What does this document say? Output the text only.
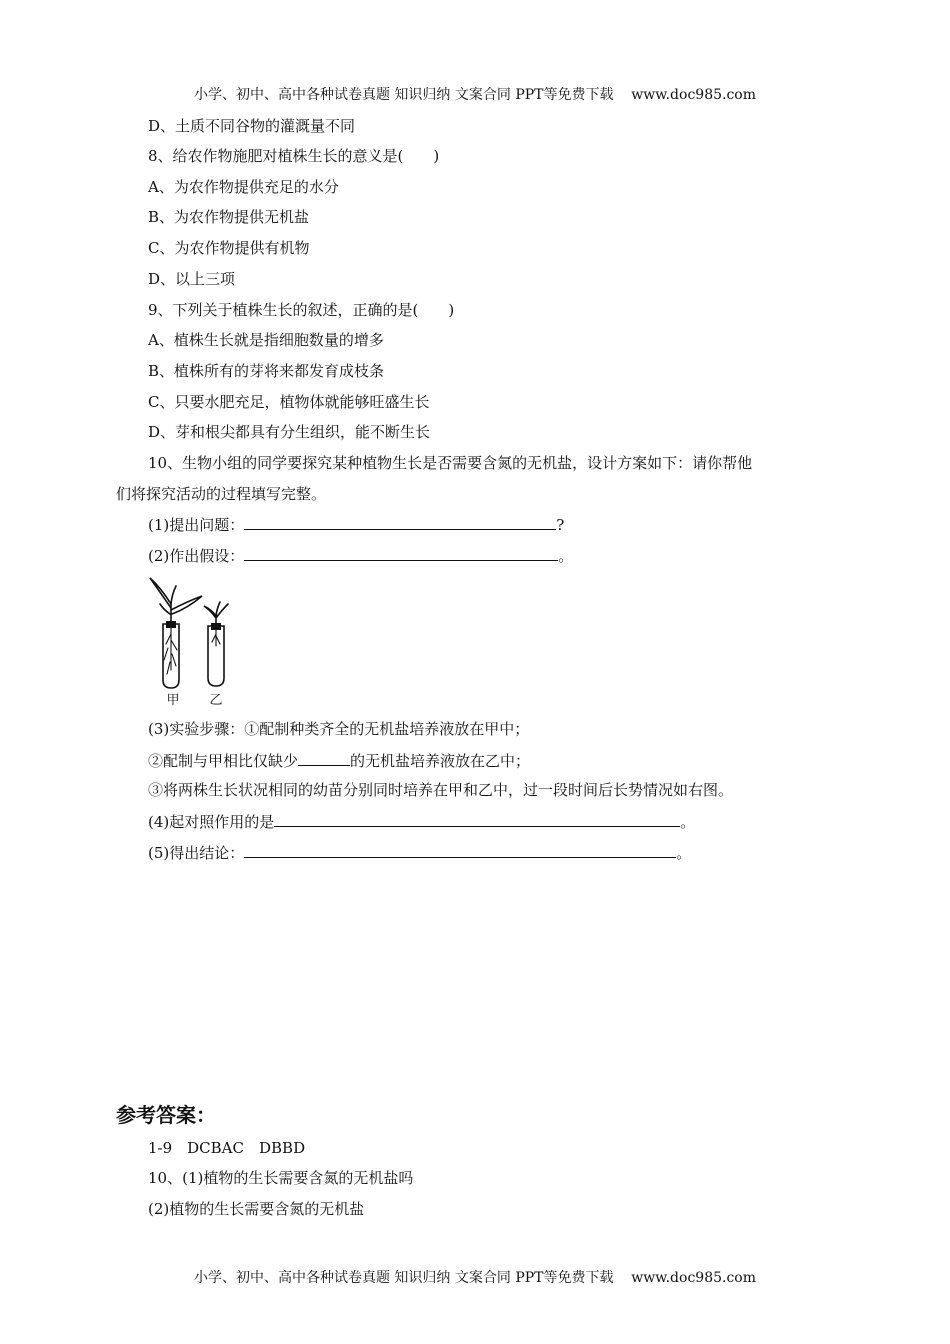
小学、初中、高中各种试卷真题 知识归纳 文案合同 PPT等免费下载    www.doc985.com
D、土质不同谷物的灌溉量不同
8、给农作物施肥对植株生长的意义是(　　)
A、为农作物提供充足的水分
B、为农作物提供无机盐
C、为农作物提供有机物
D、以上三项
9、下列关于植株生长的叙述，正确的是(　　)
A、植株生长就是指细胞数量的增多
B、植株所有的芽将来都发育成枝条
C、只要水肥充足，植物体就能够旺盛生长
D、芽和根尖都具有分生组织，能不断生长
10、生物小组的同学要探究某种植物生长是否需要含氮的无机盐，设计方案如下：请你帮他
们将探究活动的过程填写完整。
(1)提出问题：	?
(2)作出假设：	。
甲 乙
(3)实验步骤：①配制种类齐全的无机盐培养液放在甲中；
②配制与甲相比仅缺少	的无机盐培养液放在乙中；
③将两株生长状况相同的幼苗分别同时培养在甲和乙中，过一段时间后长势情况如右图。
(4)起对照作用的是	。
(5)得出结论：	。
参考答案：
1-9　DCBAC　DBBD
10、(1)植物的生长需要含氮的无机盐吗
(2)植物的生长需要含氮的无机盐
小学、初中、高中各种试卷真题 知识归纳 文案合同 PPT等免费下载    www.doc985.com
